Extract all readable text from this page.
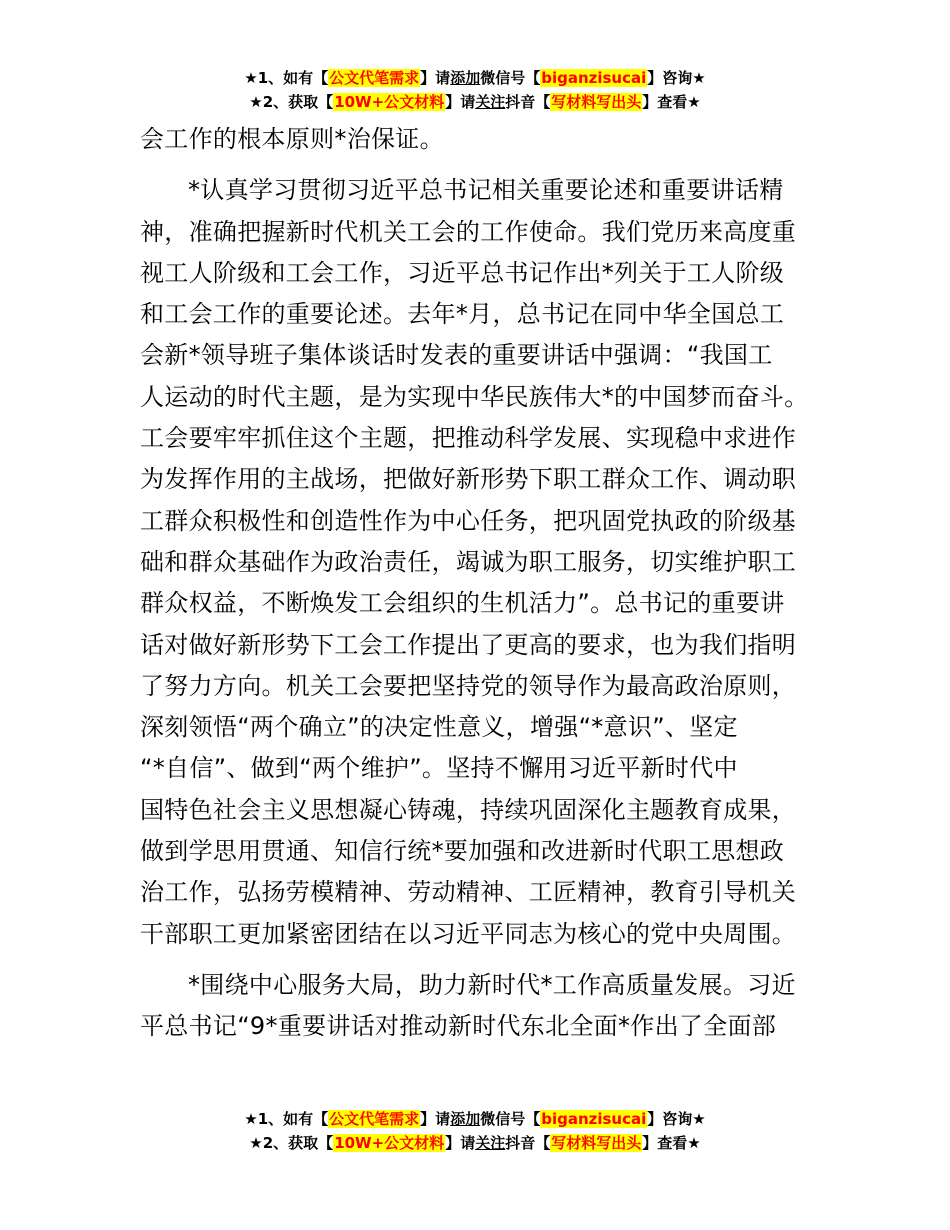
★1、如有【公文代笔需求】请添加微信号【biganzisucai】咨询★
★2、获取【10W+公文材料】请关注抖音【写材料写出头】查看★
会工作的根本原则*治保证。
*认真学习贯彻习近平总书记相关重要论述和重要讲话精
神，准确把握新时代机关工会的工作使命。我们党历来高度重
视工人阶级和工会工作，习近平总书记作出*列关于工人阶级
和工会工作的重要论述。去年*月，总书记在同中华全国总工
会新*领导班子集体谈话时发表的重要讲话中强调：“我国工
人运动的时代主题，是为实现中华民族伟大*的中国梦而奋斗。
工会要牢牢抓住这个主题，把推动科学发展、实现稳中求进作
为发挥作用的主战场，把做好新形势下职工群众工作、调动职
工群众积极性和创造性作为中心任务，把巩固党执政的阶级基
础和群众基础作为政治责任，竭诚为职工服务，切实维护职工
群众权益，不断焕发工会组织的生机活力”。总书记的重要讲
话对做好新形势下工会工作提出了更高的要求，也为我们指明
了努力方向。机关工会要把坚持党的领导作为最高政治原则，
深刻领悟“两个确立”的决定性意义，增强“*意识”、坚定
“*自信”、做到“两个维护”。坚持不懈用习近平新时代中
国特色社会主义思想凝心铸魂，持续巩固深化主题教育成果，
做到学思用贯通、知信行统*要加强和改进新时代职工思想政
治工作，弘扬劳模精神、劳动精神、工匠精神，教育引导机关
干部职工更加紧密团结在以习近平同志为核心的党中央周围。
*围绕中心服务大局，助力新时代*工作高质量发展。习近
平总书记“9*重要讲话对推动新时代东北全面*作出了全面部
★1、如有【公文代笔需求】请添加微信号【biganzisucai】咨询★
★2、获取【10W+公文材料】请关注抖音【写材料写出头】查看★
